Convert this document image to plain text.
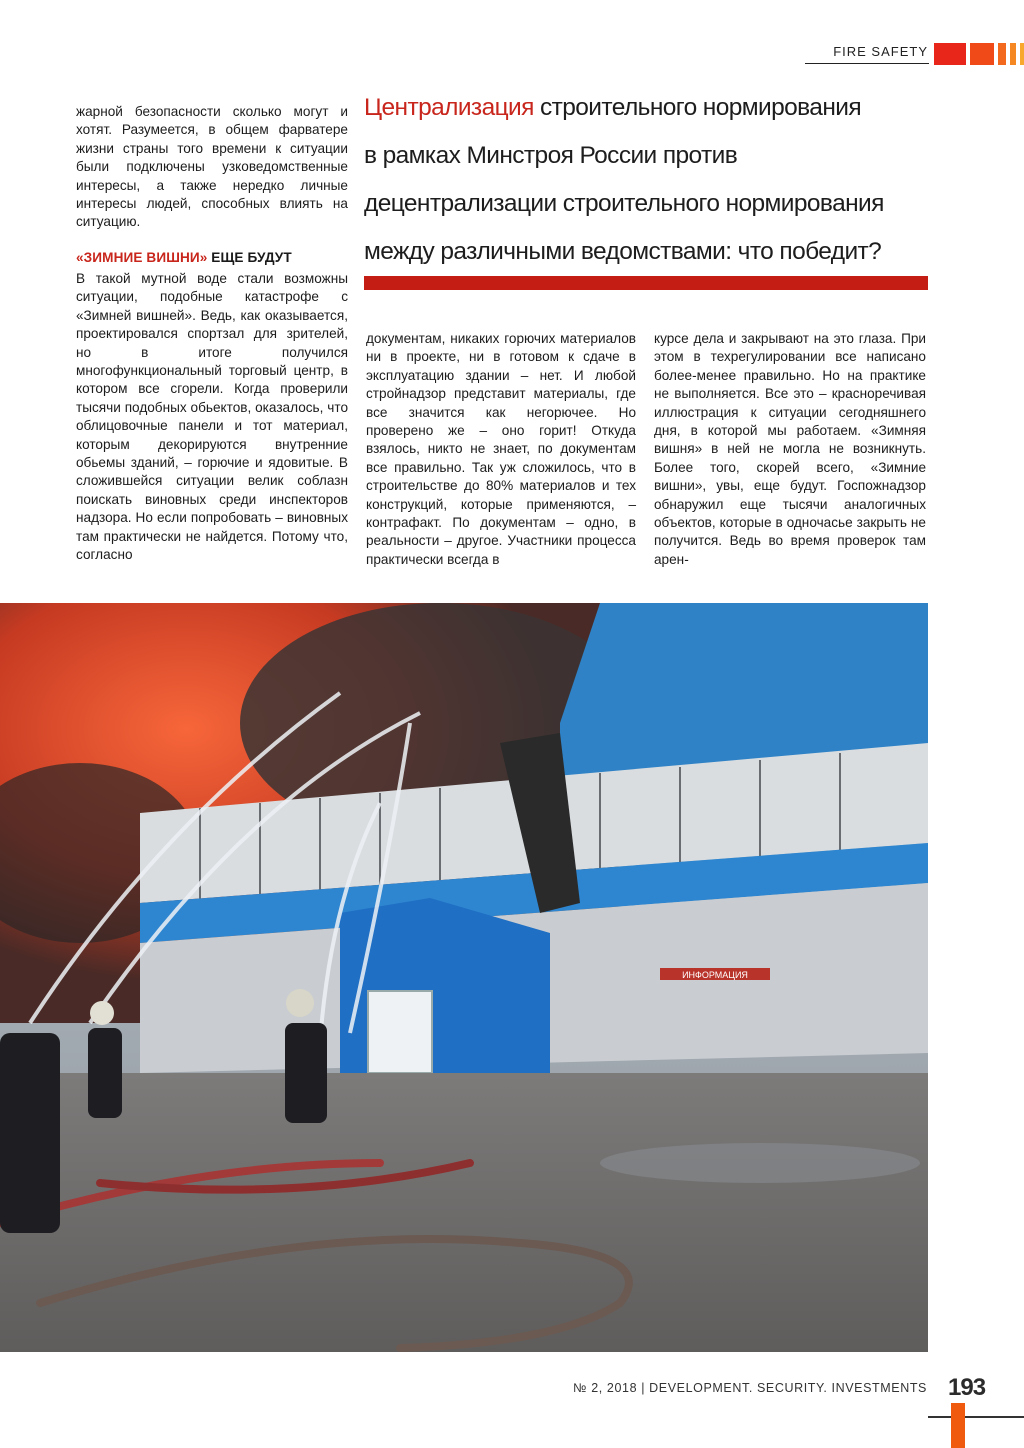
FIRE SAFETY

жарной безопасности сколько могут и хотят. Разумеется, в общем фарватере жизни страны того времени к ситуации были подключены узковедомственные интересы, а также нередко личные интересы людей, способных влиять на ситуацию.

«ЗИМНИЕ ВИШНИ» ЕЩЕ БУДУТ

В такой мутной воде стали возможны ситуации, подобные катастрофе с «Зимней вишней». Ведь, как оказывается, проектировался спортзал для зрителей, но в итоге получился многофункциональный торговый центр, в котором все сгорели. Когда проверили тысячи подобных обьектов, оказалось, что облицовочные панели и тот материал, которым декорируются внутренние обьемы зданий, – горючие и ядовитые. В сложившейся ситуации велик соблазн поискать виновных среди инспекторов надзора. Но если попробовать – виновных там практически не найдется. Потому что, согласно

Централизация строительного нормирования
в рамках Минстроя России против
децентрализации строительного нормирования
между различными ведомствами: что победит?

документам, никаких горючих материалов ни в проекте, ни в готовом к сдаче в эксплуатацию здании – нет. И любой стройнадзор представит материалы, где все значится как негорючее. Но проверено же – оно горит! Откуда взялось, никто не знает, по документам все правильно. Так уж сложилось, что в строительстве до 80% материалов и тех конструкций, которые применяются, – контрафакт. По документам – одно, в реальности – другое. Участники процесса практически всегда в

курсе дела и закрывают на это глаза. При этом в техрегулировании все написано более-менее правильно. Но на практике не выполняется. Все это – красноречивая иллюстрация к ситуации сегодняшнего дня, в которой мы работаем. «Зимняя вишня» в ней не могла не возникнуть. Более того, скорей всего, «Зимние вишни», увы, еще будут. Госпожнадзор обнаружил еще тысячи аналогичных объектов, которые в одночасье закрыть не получится. Ведь во время проверок там арен-

ИНФОРМАЦИЯ
№ 2, 2018 | DEVELOPMENT. SECURITY. INVESTMENTS 193
